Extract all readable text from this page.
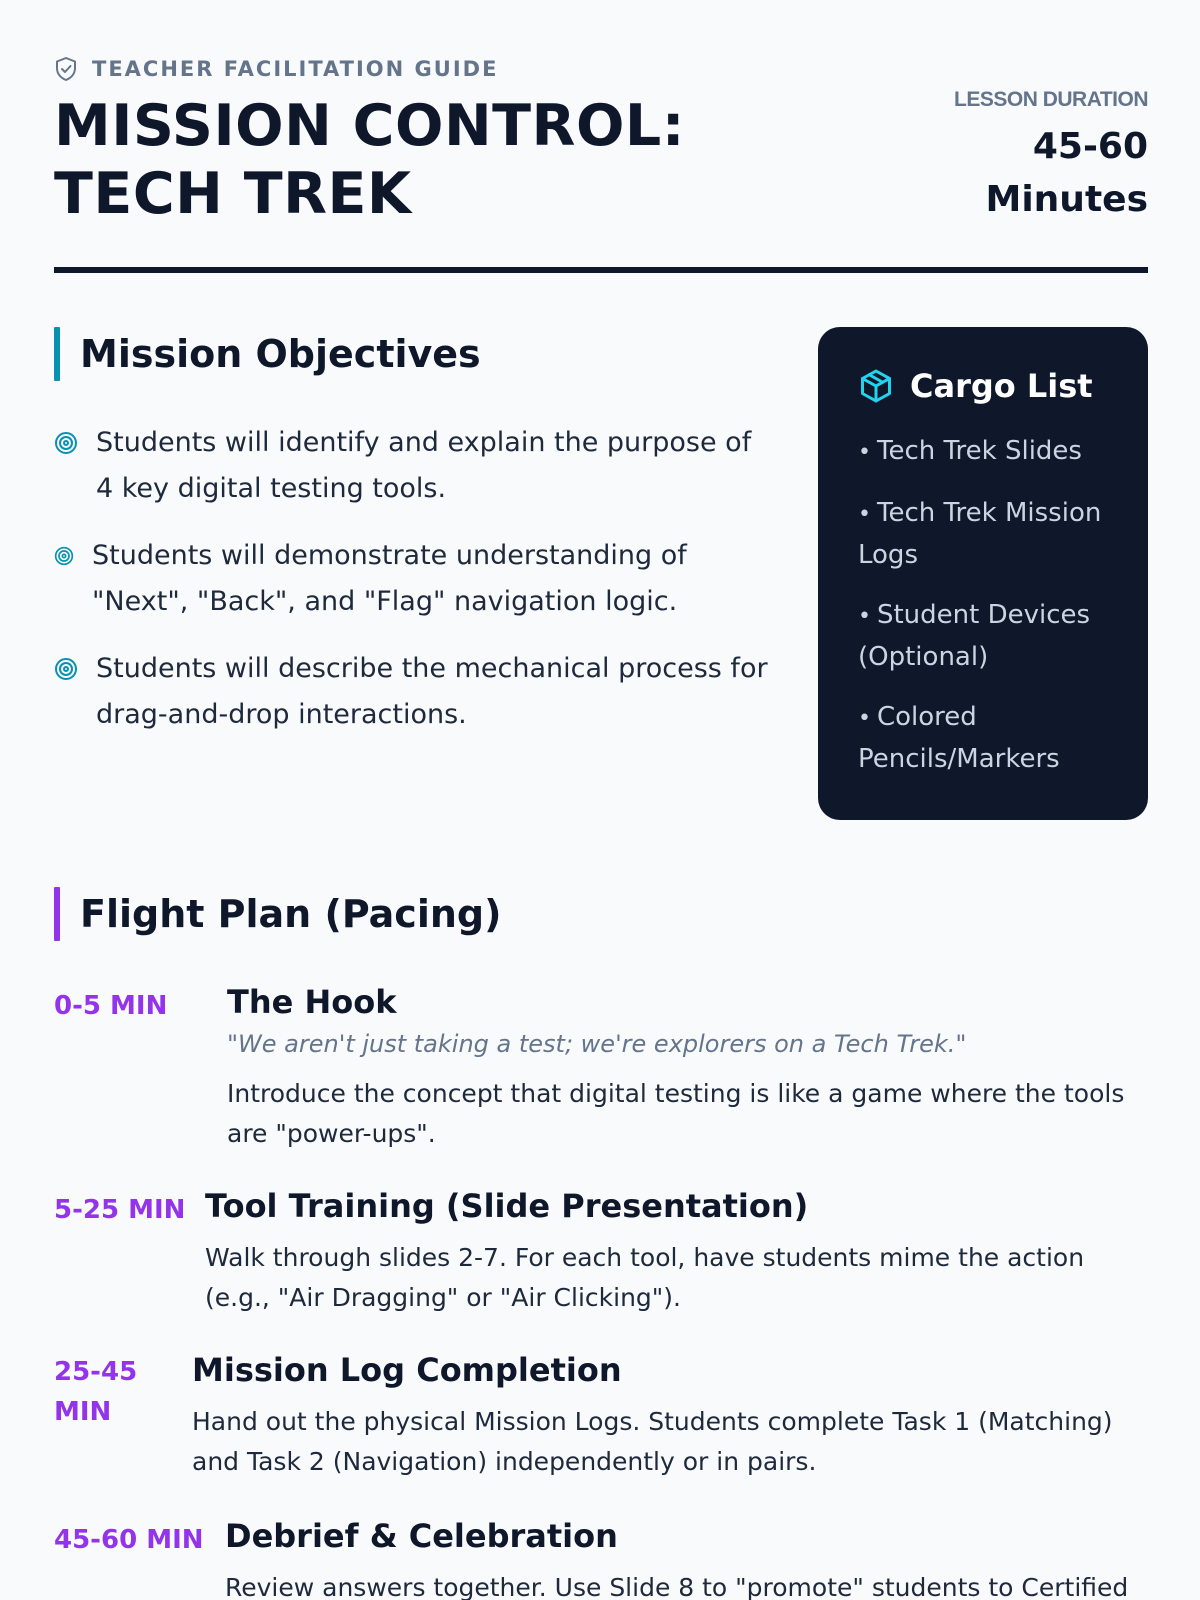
TEACHER FACILITATION GUIDE
MISSION CONTROL: TECH TREK
LESSON DURATION
45-60 Minutes
Mission Objectives
Students will identify and explain the purpose of 4 key digital testing tools.
Students will demonstrate understanding of "Next", "Back", and "Flag" navigation logic.
Students will describe the mechanical process for drag-and-drop interactions.
Cargo List
• Tech Trek Slides
• Tech Trek Mission Logs
• Student Devices (Optional)
• Colored Pencils/Markers
Flight Plan (Pacing)
0-5 MIN	The Hook
"We aren't just taking a test; we're explorers on a Tech Trek."
Introduce the concept that digital testing is like a game where the tools are "power-ups".
5-25 MIN Tool Training (Slide Presentation)
Walk through slides 2-7. For each tool, have students mime the action (e.g., "Air Dragging" or "Air Clicking").
25-45 MIN
Mission Log Completion
Hand out the physical Mission Logs. Students complete Task 1 (Matching) and Task 2 (Navigation) independently or in pairs.
45-60 MIN Debrief & Celebration
Review answers together. Use Slide 8 to "promote" students to Certified
